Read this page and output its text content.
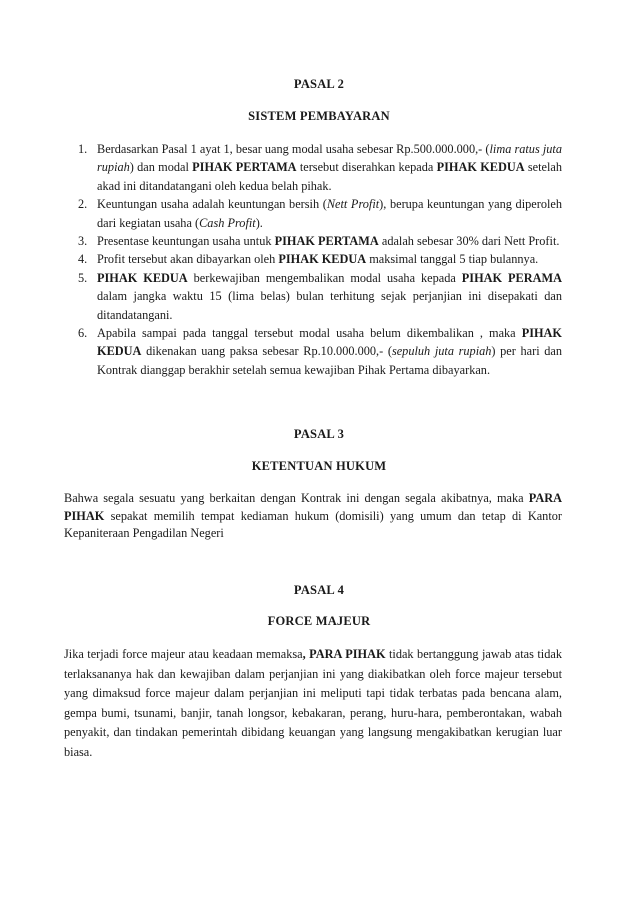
PASAL 2
SISTEM PEMBAYARAN
1. Berdasarkan Pasal 1 ayat 1, besar uang modal usaha sebesar Rp.500.000.000,- (lima ratus juta rupiah) dan modal PIHAK PERTAMA tersebut diserahkan kepada PIHAK KEDUA setelah akad ini ditandatangani oleh kedua belah pihak.
2. Keuntungan usaha adalah keuntungan bersih (Nett Profit), berupa keuntungan yang diperoleh dari kegiatan usaha (Cash Profit).
3. Presentase keuntungan usaha untuk PIHAK PERTAMA adalah sebesar 30% dari Nett Profit.
4. Profit tersebut akan dibayarkan oleh PIHAK KEDUA maksimal tanggal 5 tiap bulannya.
5. PIHAK KEDUA berkewajiban mengembalikan modal usaha kepada PIHAK PERAMA dalam jangka waktu 15 (lima belas) bulan terhitung sejak perjanjian ini disepakati dan ditandatangani.
6. Apabila sampai pada tanggal tersebut modal usaha belum dikembalikan , maka PIHAK KEDUA dikenakan uang paksa sebesar Rp.10.000.000,- (sepuluh juta rupiah) per hari dan Kontrak dianggap berakhir setelah semua kewajiban Pihak Pertama dibayarkan.
PASAL 3
KETENTUAN HUKUM

Bahwa segala sesuatu yang berkaitan dengan Kontrak ini dengan segala akibatnya, maka PARA PIHAK sepakat memilih tempat kediaman hukum (domisili) yang umum dan tetap di Kantor Kepaniteraan Pengadilan Negeri

PASAL 4
FORCE MAJEUR

Jika terjadi force majeur atau keadaan memaksa, PARA PIHAK tidak bertanggung jawab atas tidak terlaksananya hak dan kewajiban dalam perjanjian ini yang diakibatkan oleh force majeur tersebut yang dimaksud force majeur dalam perjanjian ini meliputi tapi tidak terbatas pada bencana alam, gempa bumi, tsunami, banjir, tanah longsor, kebakaran, perang, huru-hara, pemberontakan, wabah penyakit, dan tindakan pemerintah dibidang keuangan yang langsung mengakibatkan kerugian luar biasa.
